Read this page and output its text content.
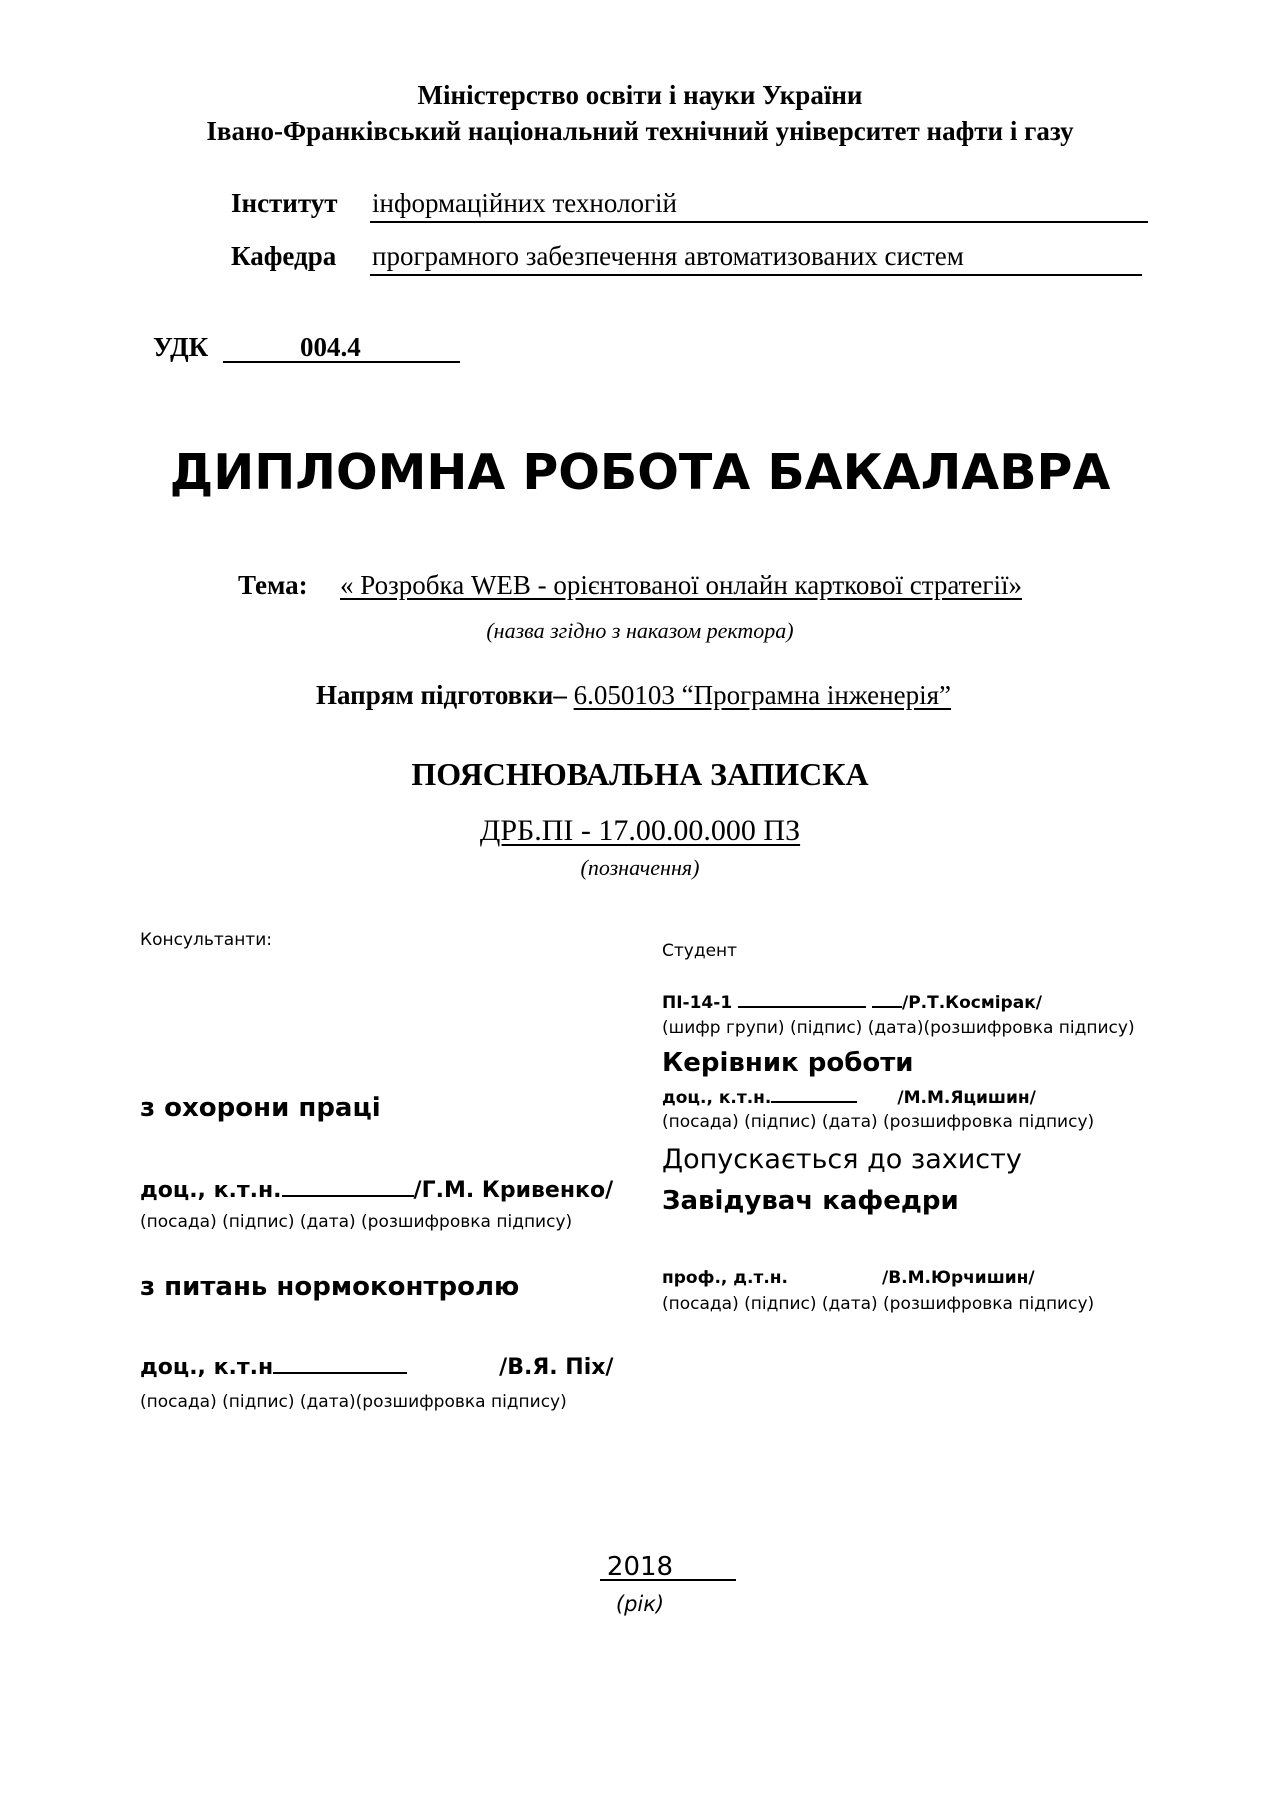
Міністерство освіти і науки України
Івано-Франківський національний технічний університет нафти і газу
Інститут інформаційних технологій
Кафедра програмного забезпечення автоматизованих систем
УДК	004.4
ДИПЛОМНА РОБОТА БАКАЛАВРА
Тема: « Розробка WEB - орієнтованої онлайн карткової стратегії»
(назва згідно з наказом ректора)
Напрям підготовки– 6.050103 “Програмна інженерія”
ПОЯСНЮВАЛЬНА ЗАПИСКА
ДРБ.ПІ - 17.00.00.000 ПЗ
(позначення)
Консультанти:
з охорони праці
доц., к.т.н.	/Г.М. Кривенко/
(посада) (підпис) (дата) (розшифровка підпису)
з питань нормоконтролю
доц., к.т.н	/В.Я. Піх/
(посада) (підпис) (дата)(розшифровка підпису)
Студент
ПІ-14-1	/Р.Т.Космірак/
(шифр групи) (підпис) (дата)(розшифровка підпису)
Керівник роботи
доц., к.т.н.	/М.М.Яцишин/
(посада) (підпис) (дата) (розшифровка підпису)
Допускається до захисту
Завідувач кафедри
проф., д.т.н.	/В.М.Юрчишин/
(посада) (підпис) (дата) (розшифровка підпису)
2018
(рік)
